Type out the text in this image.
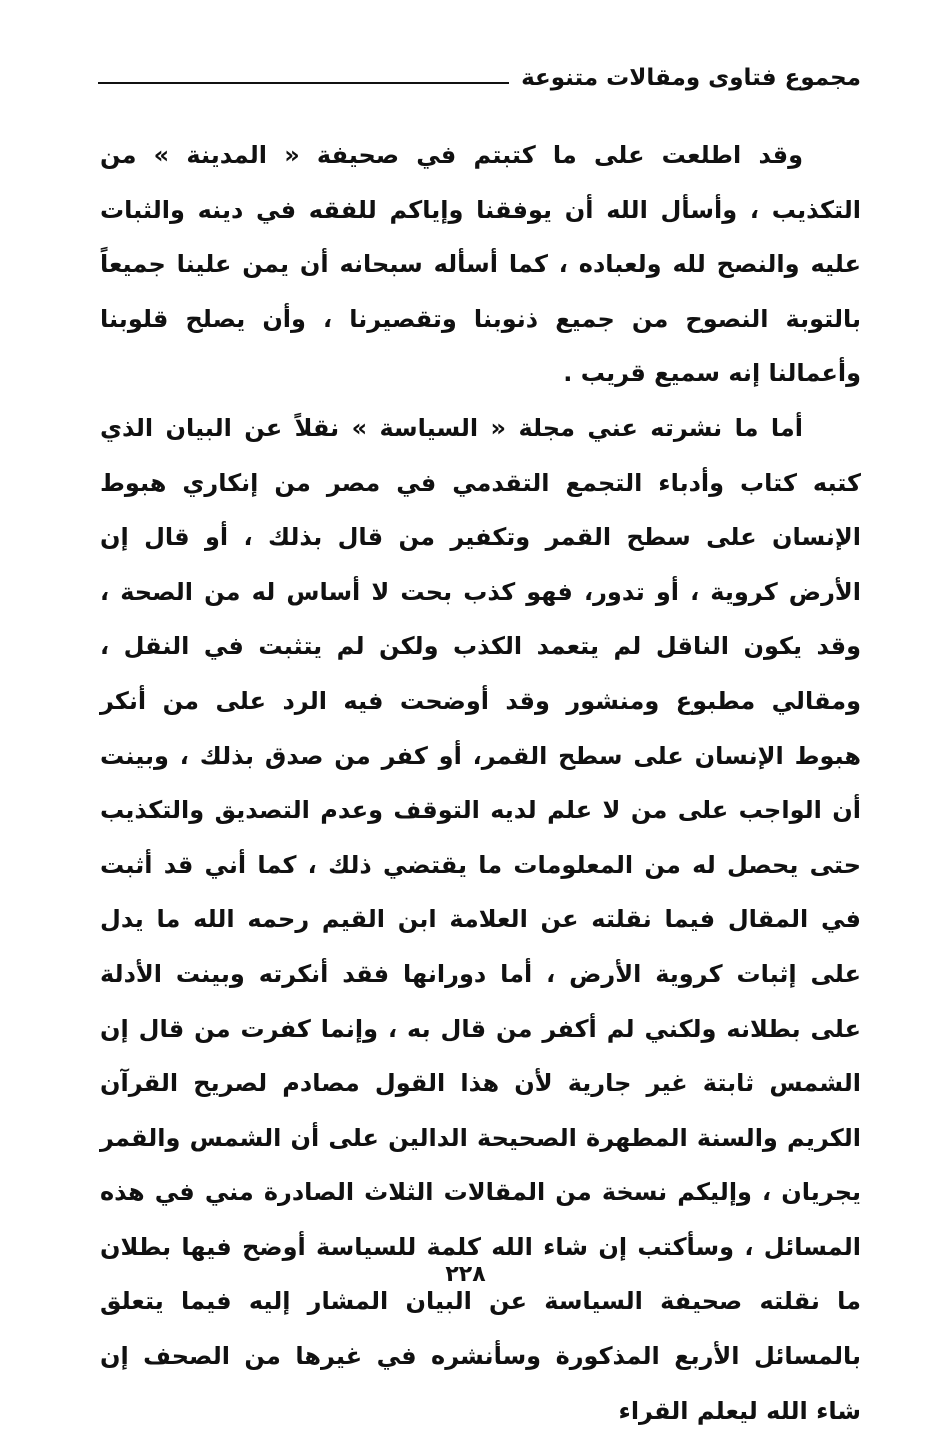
مجموع فتاوى ومقالات متنوعة

وقد اطلعت على ما كتبتم في صحيفة « المدينة » من التكذيب ، وأسأل الله أن يوفقنا وإياكم للفقه في دينه والثبات عليه والنصح لله ولعباده ، كما أسأله سبحانه أن يمن علينا جميعاً بالتوبة النصوح من جميع ذنوبنا وتقصيرنا ، وأن يصلح قلوبنا وأعمالنا إنه سميع قريب .

أما ما نشرته عني مجلة « السياسة » نقلاً عن البيان الذي كتبه كتاب وأدباء التجمع التقدمي في مصر من إنكاري هبوط الإنسان على سطح القمر وتكفير من قال بذلك ، أو قال إن الأرض كروية ، أو تدور، فهو كذب بحت لا أساس له من الصحة ، وقد يكون الناقل لم يتعمد الكذب ولكن لم يتثبت في النقل ، ومقالي مطبوع ومنشور وقد أوضحت فيه الرد على من أنكر هبوط الإنسان على سطح القمر، أو كفر من صدق بذلك ، وبينت أن الواجب على من لا علم لديه التوقف وعدم التصديق والتكذيب حتى يحصل له من المعلومات ما يقتضي ذلك ، كما أني قد أثبت في المقال فيما نقلته عن العلامة ابن القيم رحمه الله ما يدل على إثبات كروية الأرض ، أما دورانها فقد أنكرته وبينت الأدلة على بطلانه ولكني لم أكفر من قال به ، وإنما كفرت من قال إن الشمس ثابتة غير جارية لأن هذا القول مصادم لصريح القرآن الكريم والسنة المطهرة الصحيحة الدالين على أن الشمس والقمر يجريان ، وإليكم نسخة من المقالات الثلاث الصادرة مني في هذه المسائل ، وسأكتب إن شاء الله كلمة للسياسة أوضح فيها بطلان ما نقلته صحيفة السياسة عن البيان المشار إليه فيما يتعلق بالمسائل الأربع المذكورة وسأنشره في غيرها من الصحف إن شاء الله ليعلم القراء

٢٢٨
